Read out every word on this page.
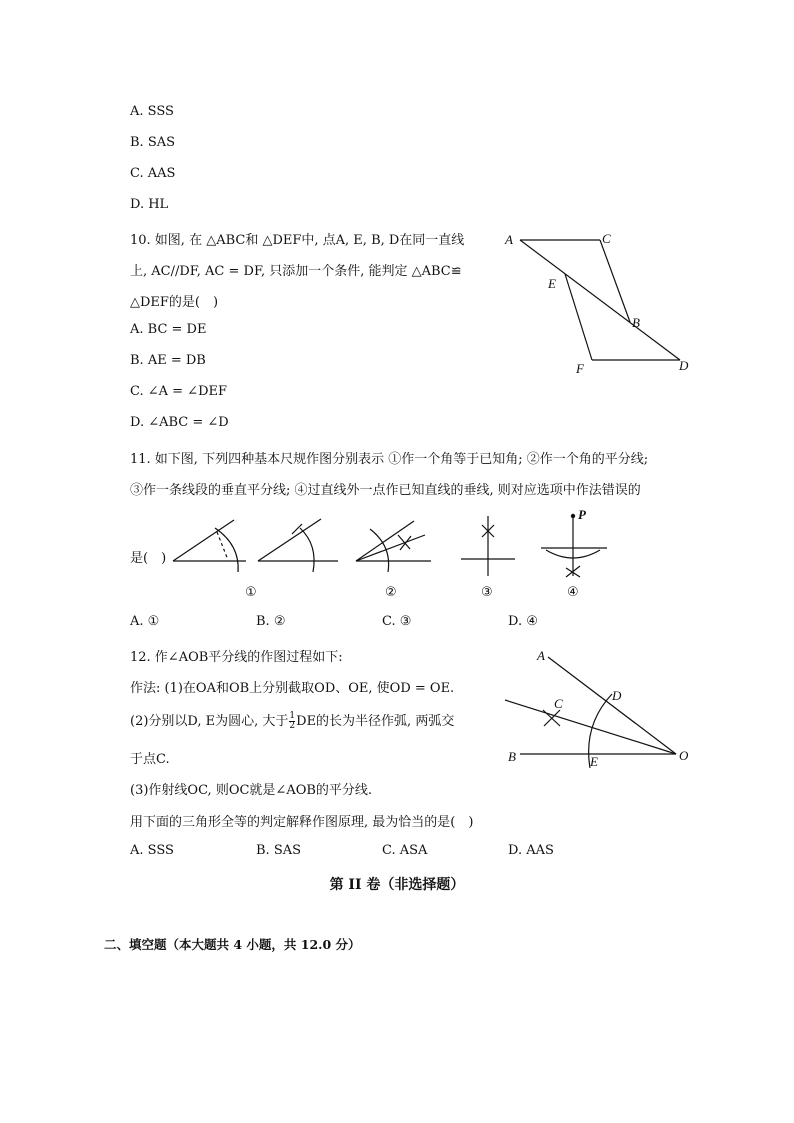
A. SSS
B. SAS
C. AAS
D. HL
10. 如图, 在 △ABC和 △DEF中, 点A, E, B, D在同一直线
上, AC//DF, AC = DF, 只添加一个条件, 能判定 △ABC≌
△DEF的是(　)
A. BC = DE
B. AE = DB
C. ∠A = ∠DEF
D. ∠ABC = ∠D
A	C
E
B
F	D
11. 如下图, 下列四种基本尺规作图分别表示 ①作一个角等于已知角; ②作一个角的平分线;
③作一条线段的垂直平分线; ④过直线外一点作已知直线的垂线, 则对应选项中作法错误的
是(　)
P
①	②	③	④
A. ①	B. ②	C. ③	D. ④
12. 作∠AOB平分线的作图过程如下:
作法: (1)在OA和OB上分别截取OD、OE, 使OD = OE.
(2)分别以D, E为圆心, 大于 $\frac{1}{2}$ DE的长为半径作弧, 两弧交
于点C.
(3)作射线OC, 则OC就是∠AOB的平分线.
用下面的三角形全等的判定解释作图原理, 最为恰当的是(　)
A
D
C
B	E	O
A. SSS	B. SAS	C. ASA	D. AAS
第 II 卷（非选择题）
二、填空题（本大题共 4 小题，共 12.0 分）
